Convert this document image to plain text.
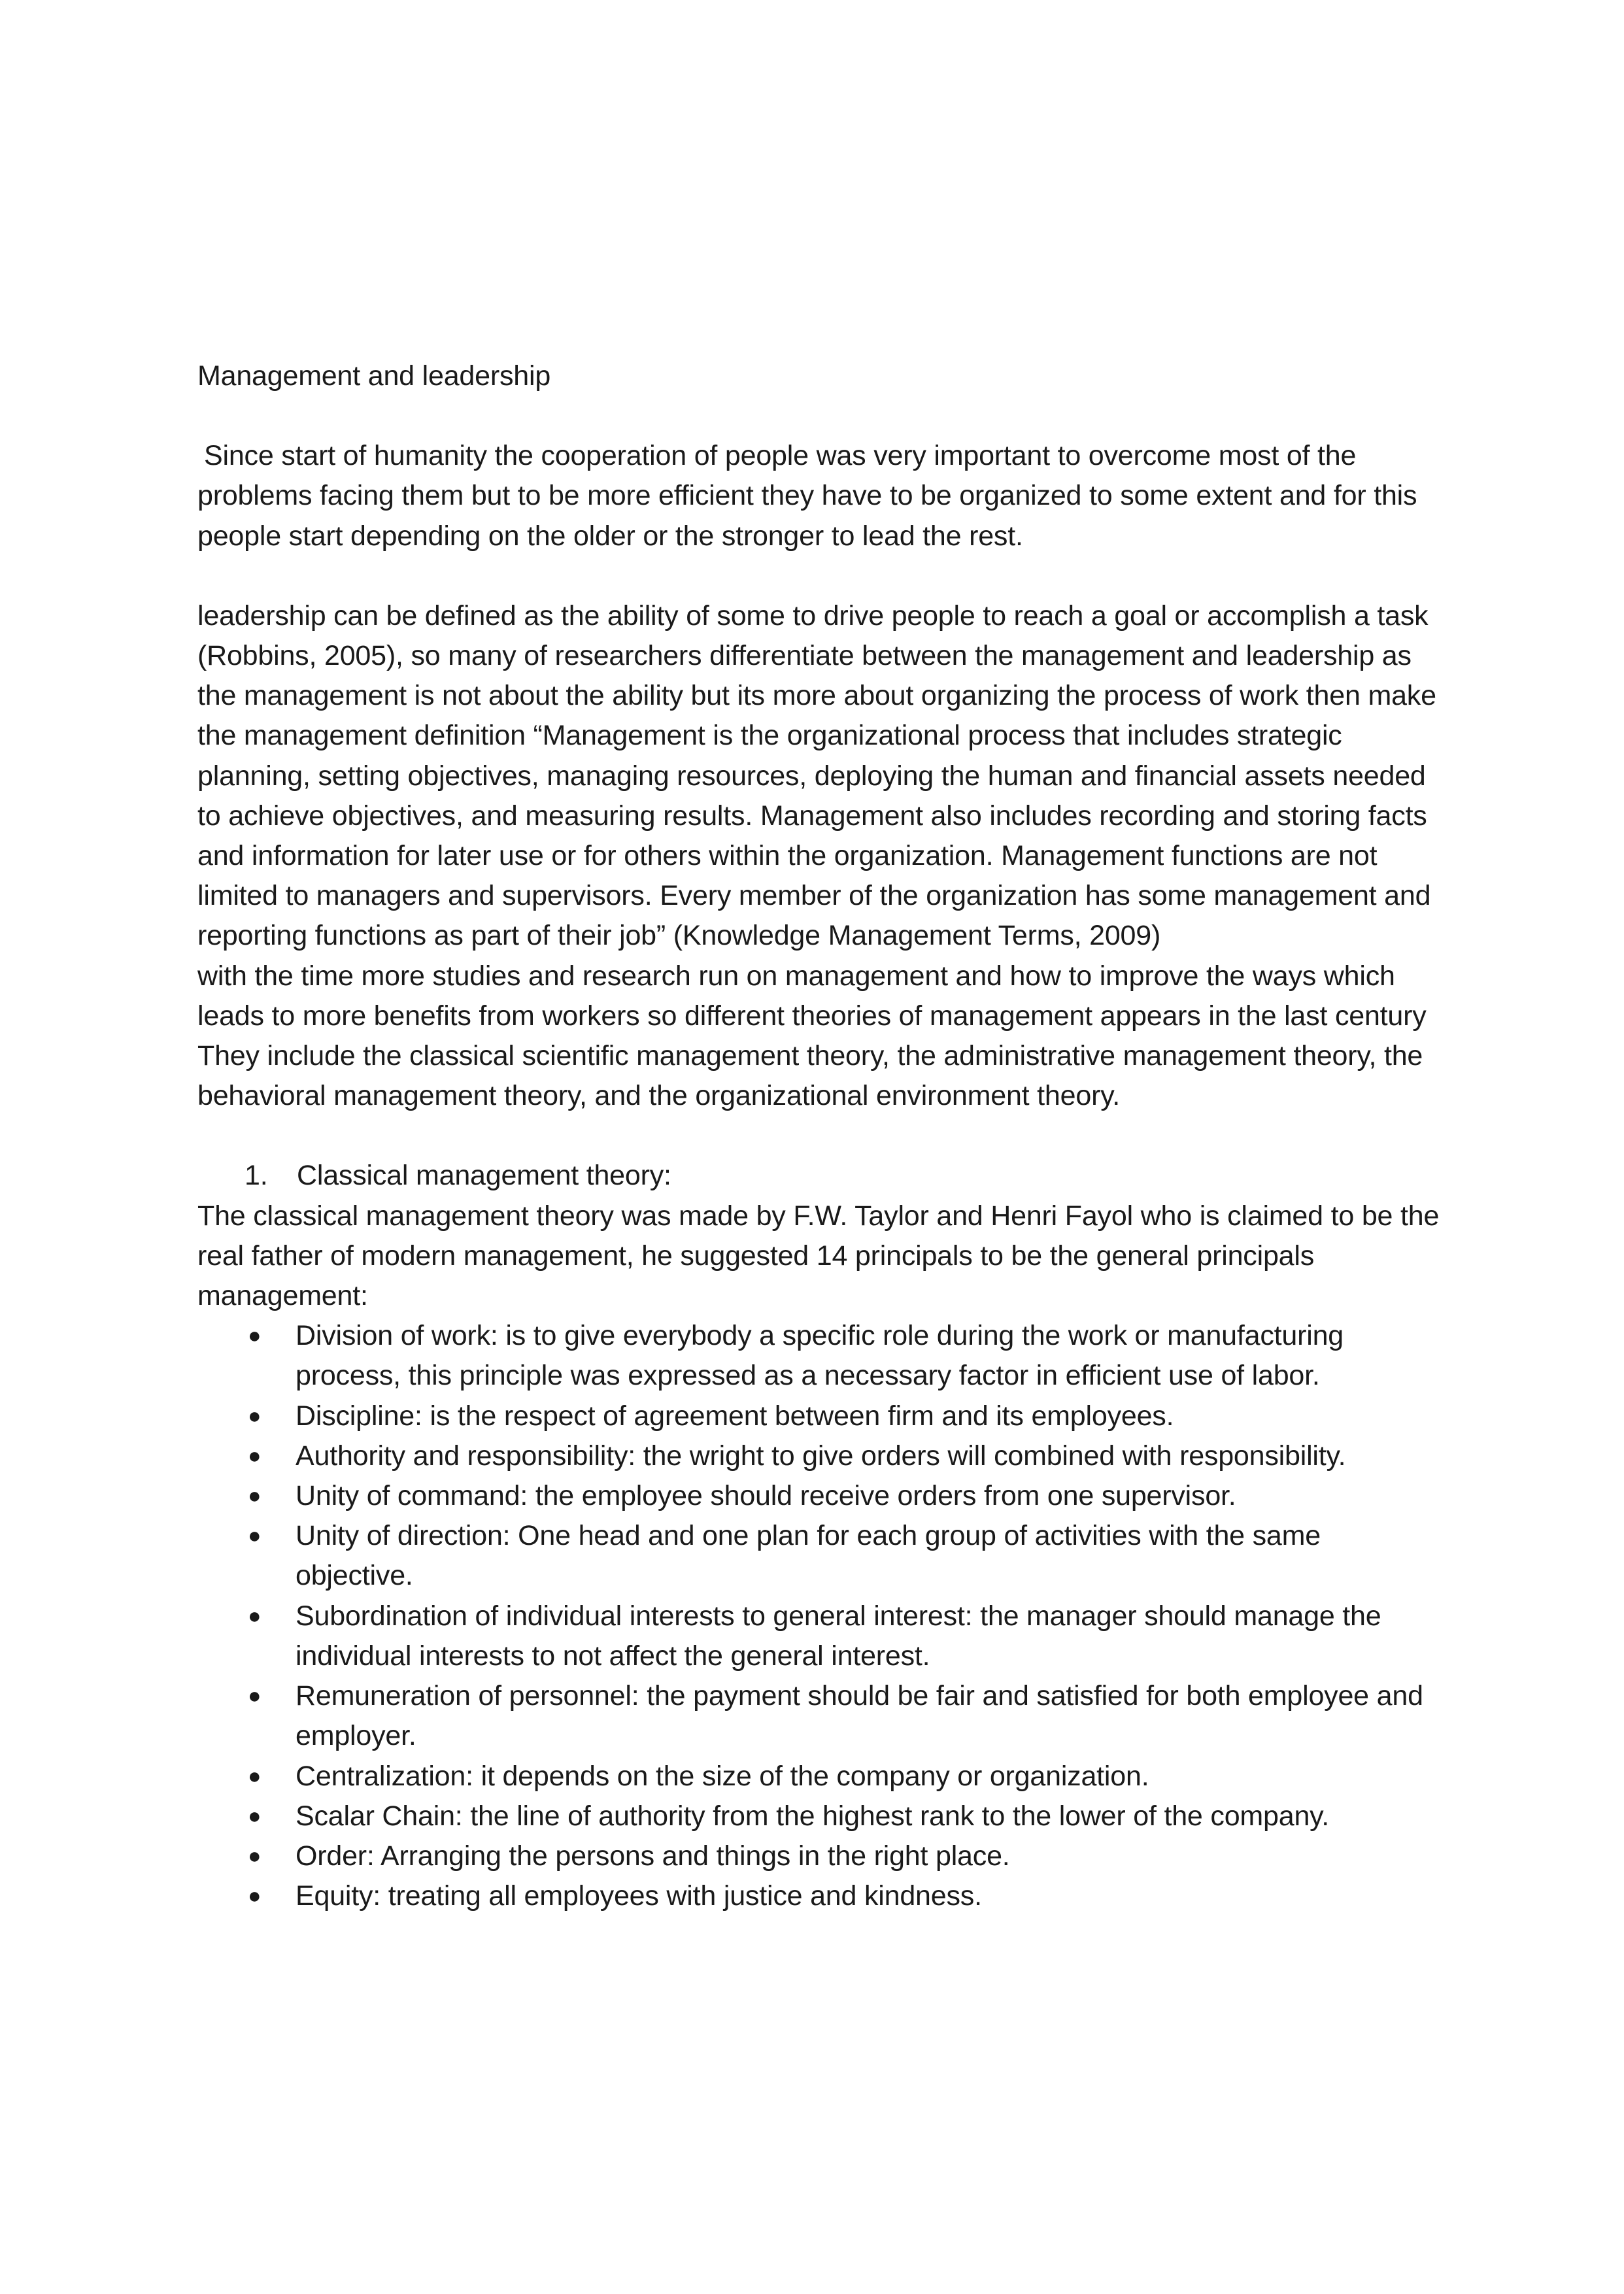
Management and leadership

Since start of humanity the cooperation of people was very important to overcome most of the problems facing them but to be more efficient they have to be organized to some extent and for this people start depending on the older or the stronger to lead the rest.

leadership can be defined as the ability of some to drive people to reach a goal or accomplish a task (Robbins, 2005), so many of researchers differentiate between the management and leadership as the management is not about the ability but its more about organizing the process of work then make the management definition “Management is the organizational process that includes strategic planning, setting objectives, managing resources, deploying the human and financial assets needed to achieve objectives, and measuring results. Management also includes recording and storing facts and information for later use or for others within the organization. Management functions are not limited to managers and supervisors. Every member of the organization has some management and reporting functions as part of their job” (Knowledge Management Terms, 2009)

with the time more studies and research run on management and how to improve the ways which leads to more benefits from workers so different theories of management appears in the last century They include the classical scientific management theory, the administrative management theory, the behavioral management theory, and the organizational environment theory.

1. Classical management theory:

The classical management theory was made by F.W. Taylor and Henri Fayol who is claimed to be the real father of modern management, he suggested 14 principals to be the general principals management:

● Division of work: is to give everybody a specific role during the work or manufacturing process, this principle was expressed as a necessary factor in efficient use of labor.
● Discipline: is the respect of agreement between firm and its employees.
● Authority and responsibility: the wright to give orders will combined with responsibility.
● Unity of command: the employee should receive orders from one supervisor.
● Unity of direction: One head and one plan for each group of activities with the same objective.
● Subordination of individual interests to general interest: the manager should manage the individual interests to not affect the general interest.
● Remuneration of personnel: the payment should be fair and satisfied for both employee and employer.
● Centralization: it depends on the size of the company or organization.
● Scalar Chain: the line of authority from the highest rank to the lower of the company.
● Order: Arranging the persons and things in the right place.
● Equity: treating all employees with justice and kindness.
